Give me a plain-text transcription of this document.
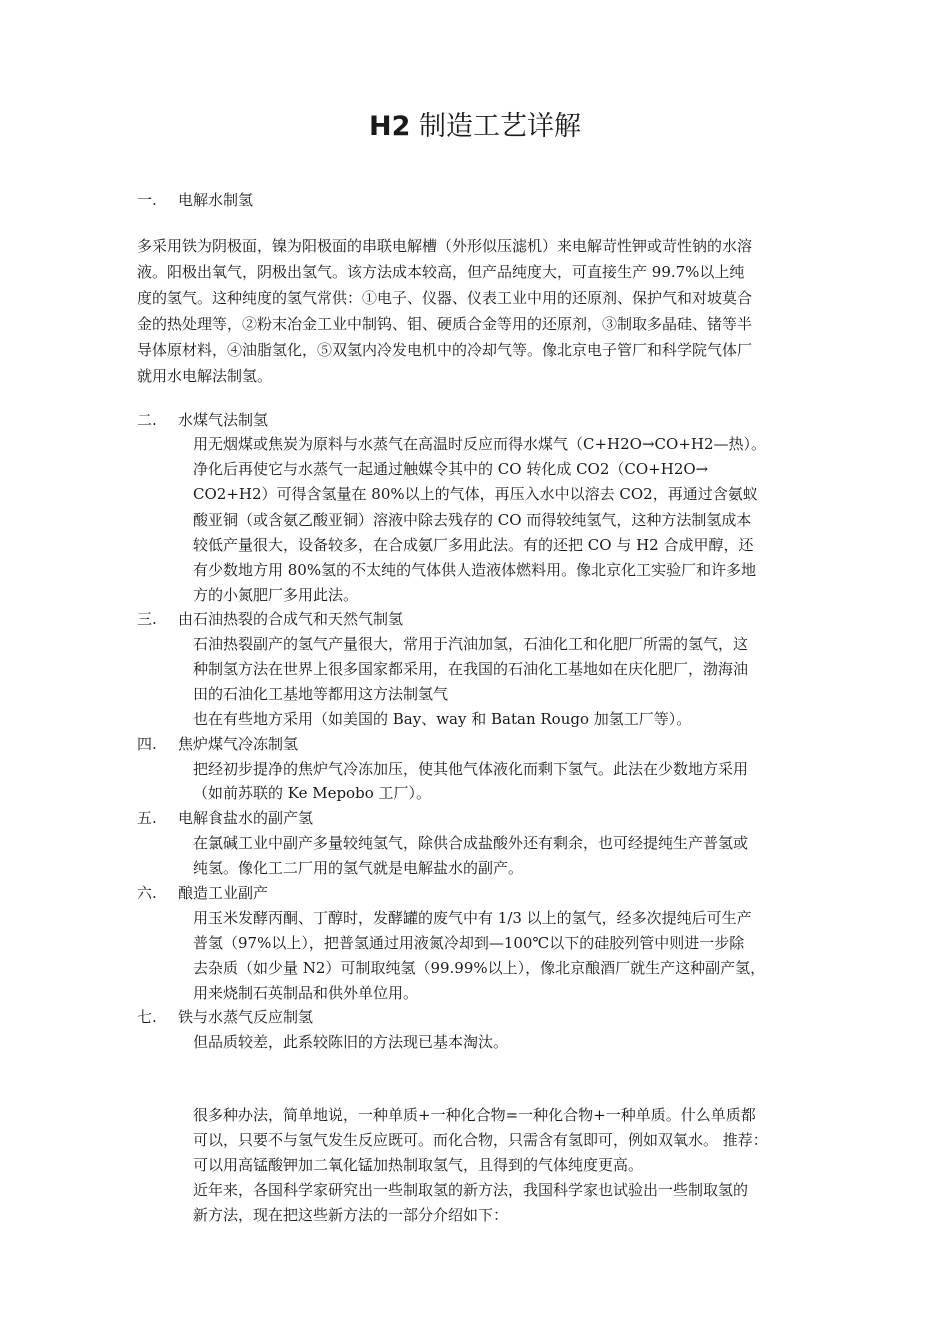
H2 制造工艺详解
一. 电解水制氢
多采用铁为阴极面，镍为阳极面的串联电解槽（外形似压滤机）来电解苛性钾或苛性钠的水溶
液。阳极出氧气，阴极出氢气。该方法成本较高，但产品纯度大，可直接生产 99.7%以上纯
度的氢气。这种纯度的氢气常供：①电子、仪器、仪表工业中用的还原剂、保护气和对坡莫合
金的热处理等，②粉末冶金工业中制钨、钼、硬质合金等用的还原剂，③制取多晶硅、锗等半
导体原材料，④油脂氢化，⑤双氢内冷发电机中的冷却气等。像北京电子管厂和科学院气体厂
就用水电解法制氢。
二. 水煤气法制氢
用无烟煤或焦炭为原料与水蒸气在高温时反应而得水煤气（C+H2O→CO+H2—热）。
净化后再使它与水蒸气一起通过触媒令其中的 CO 转化成 CO2（CO+H2O→
CO2+H2）可得含氢量在 80%以上的气体，再压入水中以溶去 CO2，再通过含氨蚁
酸亚铜（或含氨乙酸亚铜）溶液中除去残存的 CO 而得较纯氢气，这种方法制氢成本
较低产量很大，设备较多，在合成氨厂多用此法。有的还把 CO 与 H2 合成甲醇，还
有少数地方用 80%氢的不太纯的气体供人造液体燃料用。像北京化工实验厂和许多地
方的小氮肥厂多用此法。
三. 由石油热裂的合成气和天然气制氢
石油热裂副产的氢气产量很大，常用于汽油加氢，石油化工和化肥厂所需的氢气，这
种制氢方法在世界上很多国家都采用，在我国的石油化工基地如在庆化肥厂，渤海油
田的石油化工基地等都用这方法制氢气
也在有些地方采用（如美国的 Bay、way 和 Batan Rougo 加氢工厂等）。
四. 焦炉煤气冷冻制氢
把经初步提净的焦炉气冷冻加压，使其他气体液化而剩下氢气。此法在少数地方采用
（如前苏联的 Ke Mepobo 工厂）。
五. 电解食盐水的副产氢
在氯碱工业中副产多量较纯氢气，除供合成盐酸外还有剩余，也可经提纯生产普氢或
纯氢。像化工二厂用的氢气就是电解盐水的副产。
六. 酿造工业副产
用玉米发酵丙酮、丁醇时，发酵罐的废气中有 1/3 以上的氢气，经多次提纯后可生产
普氢（97%以上），把普氢通过用液氮冷却到—100℃以下的硅胶列管中则进一步除
去杂质（如少量 N2）可制取纯氢（99.99%以上），像北京酿酒厂就生产这种副产氢，
用来烧制石英制品和供外单位用。
七. 铁与水蒸气反应制氢
但品质较差，此系较陈旧的方法现已基本淘汰。
很多种办法，简单地说，一种单质+一种化合物=一种化合物+一种单质。什么单质都
可以，只要不与氢气发生反应既可。而化合物，只需含有氢即可，例如双氧水。 推荐：
可以用高锰酸钾加二氧化锰加热制取氢气，且得到的气体纯度更高。
近年来，各国科学家研究出一些制取氢的新方法，我国科学家也试验出一些制取氢的
新方法，现在把这些新方法的一部分介绍如下：
